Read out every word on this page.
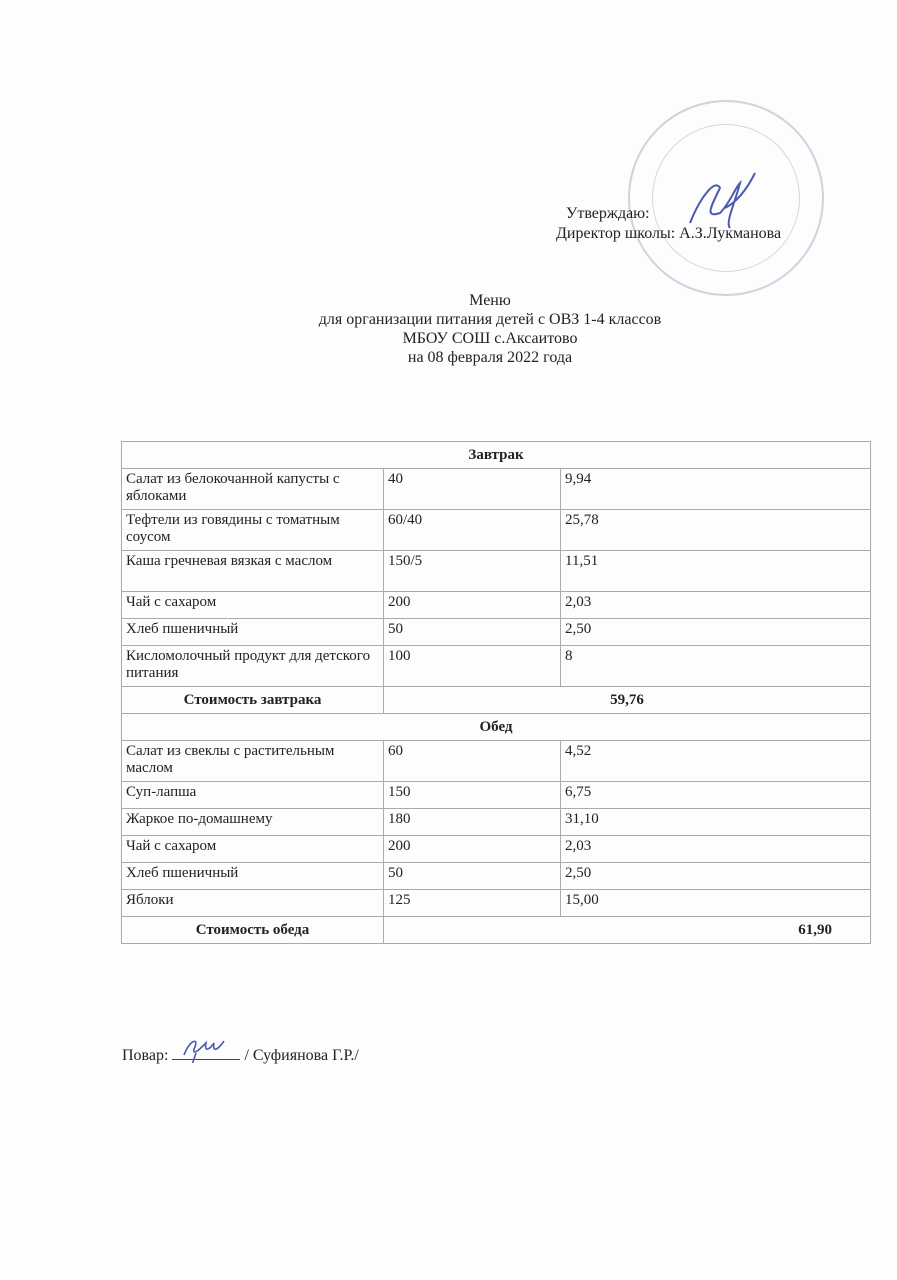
Утверждаю:
Директор школы: А.З.Лукманова
Меню
для организации питания детей с ОВЗ 1-4 классов
МБОУ СОШ с.Аксаитово
на 08 февраля 2022 года
Завтрак		
Салат из белокочанной капусты с яблоками	40	9,94
Тефтели из говядины с томатным соусом	60/40	25,78
Каша гречневая вязкая с маслом	150/5	11,51
Чай с сахаром	200	2,03
Хлеб пшеничный	50	2,50
Кисломолочный продукт для детского питания	100	8
Стоимость завтрака	59,76	
Обед		
Салат из свеклы с растительным маслом	60	4,52
Суп-лапша	150	6,75
Жаркое по-домашнему	180	31,10
Чай с сахаром	200	2,03
Хлеб пшеничный	50	2,50
Яблоки	125	15,00
Стоимость обеда	61,90	
Повар:	/ Суфиянова Г.Р./
